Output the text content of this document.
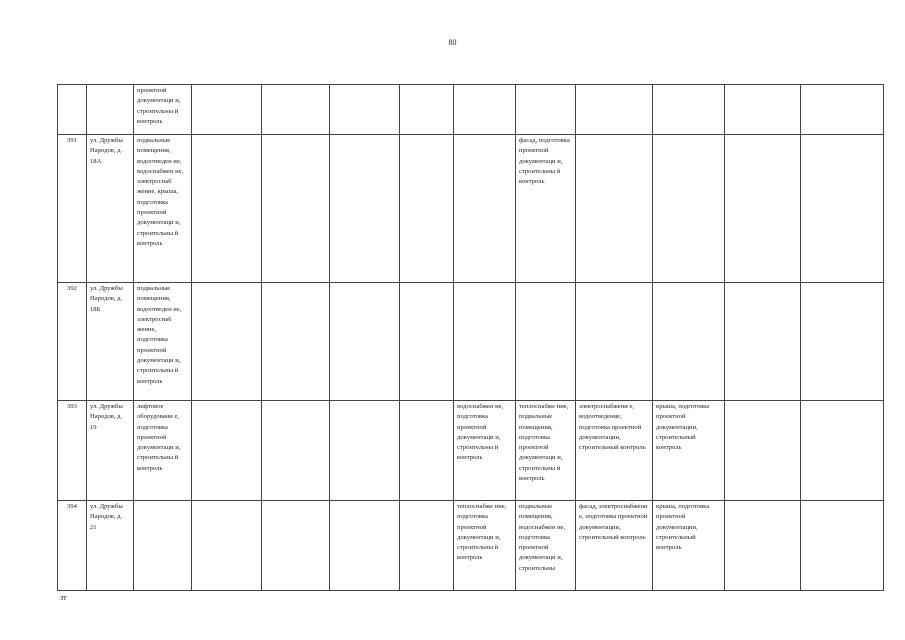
80
		проектной документаци и, строительны й контроль										
391	ул. Дружбы Народов, д. 18А	подвальные помещения, водоотведен ие, водоснабжен ие, электроснаб жение, крыша, подготовка проектной документаци и, строительны й контроль						фасад, подготовка проектной документаци и, строительны й контроль				
392	ул. Дружбы Народов, д. 18Б	подвальные помещения, водоотведен ие, электроснаб жение, подготовка проектной документаци и, строительны й контроль										
393	ул. Дружбы Народов, д. 19	лифтовое оборудовани е, подготовка проектной документаци и, строительны й контроль					водоснабжен ие, подготовка проектной документаци и, строительны й контроль	теплоснабже ние, подвальные помещения, подготовка проектной документаци и, строительны й контроль	электроснабжени е, водоотведение, подготовка проектной документации, строительный контроль	крыша, подготовка проектной документации, строительный контроль		
394	ул. Дружбы Народов, д. 21						теплоснабже ние, подготовка проектной документаци и, строительны й контроль	подвальные помещения, водоснабжен ие, подготовка проектной документаци и, строительны	фасад, электроснабжени е, подготовка проектной документации, строительный контроль	крыша, подготовка проектной документации, строительный контроль		
зт
